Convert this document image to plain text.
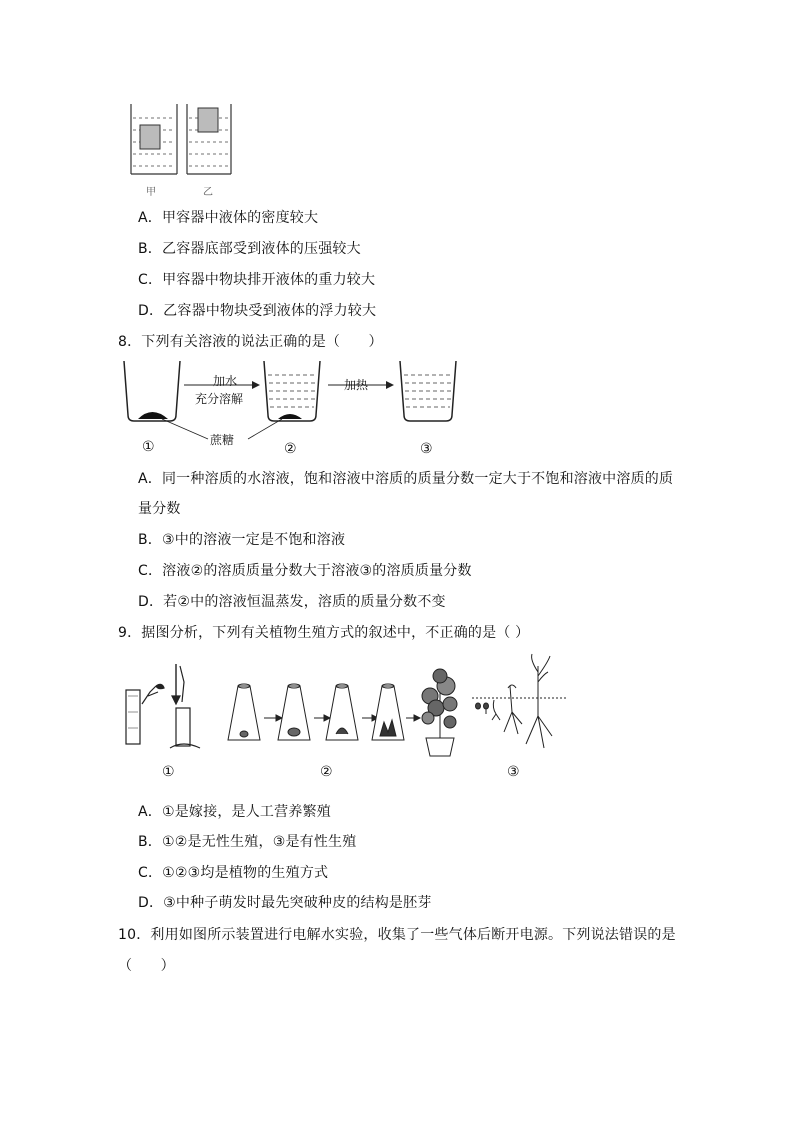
甲	乙
A．甲容器中液体的密度较大
B．乙容器底部受到液体的压强较大
C．甲容器中物块排开液体的重力较大
D．乙容器中物块受到液体的浮力较大
8．下列有关溶液的说法正确的是（　　）
加水
充分溶解
加热
蔗糖
①	②	③
A．同一种溶质的水溶液，饱和溶液中溶质的质量分数一定大于不饱和溶液中溶质的质
量分数
B．③中的溶液一定是不饱和溶液
C．溶液②的溶质质量分数大于溶液③的溶质质量分数
D．若②中的溶液恒温蒸发，溶质的质量分数不变
9．据图分析，下列有关植物生殖方式的叙述中，不正确的是（ ）
①	②	③
A．①是嫁接，是人工营养繁殖
B．①②是无性生殖，③是有性生殖
C．①②③均是植物的生殖方式
D．③中种子萌发时最先突破种皮的结构是胚芽
10．利用如图所示装置进行电解水实验，收集了一些气体后断开电源。下列说法错误的是
（　　）
